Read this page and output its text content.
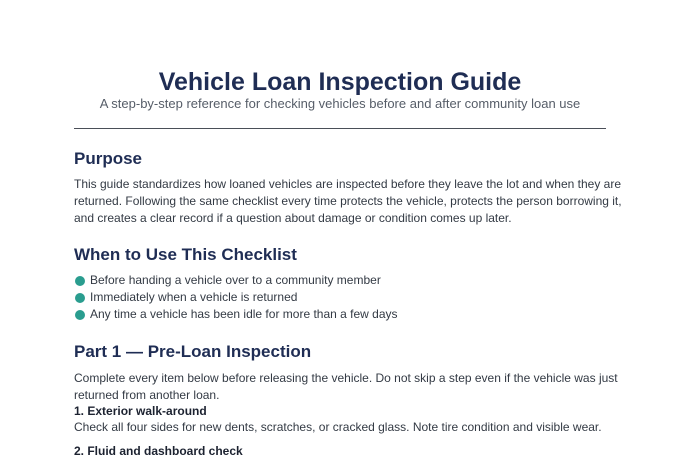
Vehicle Loan Inspection Guide

A step-by-step reference for checking vehicles before and after community loan use

Purpose

This guide standardizes how loaned vehicles are inspected before they leave the lot and when they are
returned. Following the same checklist every time protects the vehicle, protects the person borrowing it,
and creates a clear record if a question about damage or condition comes up later.

When to Use This Checklist
Before handing a vehicle over to a community member
Immediately when a vehicle is returned
Any time a vehicle has been idle for more than a few days
Part 1 — Pre-Loan Inspection

Complete every item below before releasing the vehicle. Do not skip a step even if the vehicle was just
returned from another loan.

1. Exterior walk-around

Check all four sides for new dents, scratches, or cracked glass. Note tire condition and visible wear.

2. Fluid and dashboard check
